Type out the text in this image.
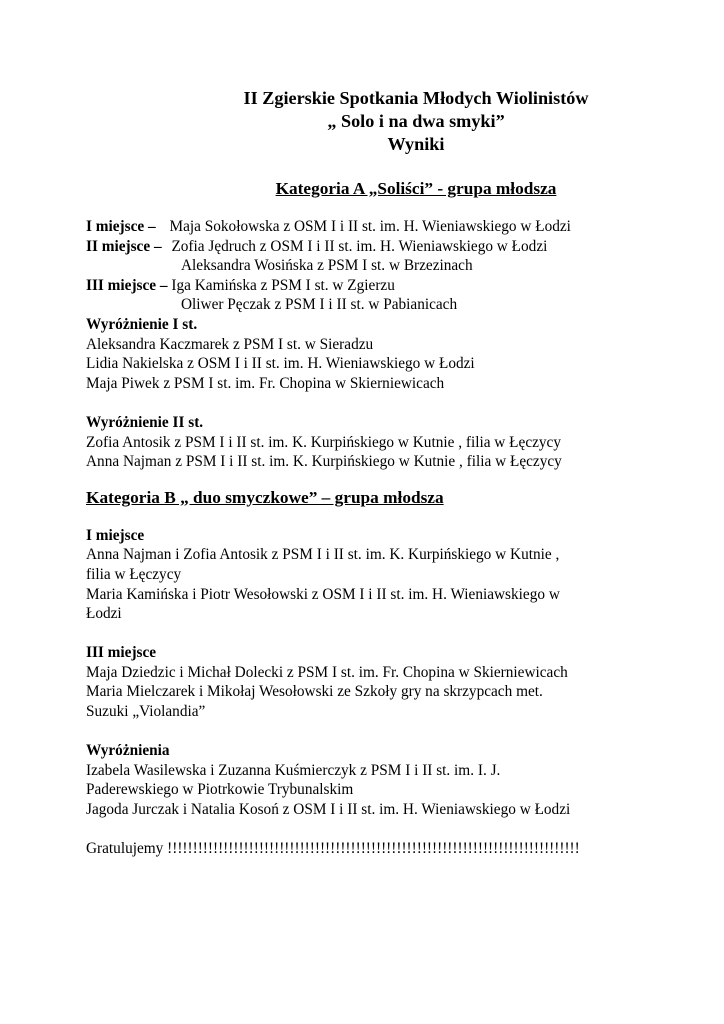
II Zgierskie Spotkania Młodych Wiolinistów
„ Solo i na dwa smyki”
Wyniki
Kategoria A „Soliści” - grupa młodsza
I miejsce – Maja Sokołowska z OSM I i II st. im. H. Wieniawskiego w Łodzi
II miejsce – Zofia Jędruch z OSM I i II st. im. H. Wieniawskiego w Łodzi
Aleksandra Wosińska z PSM I st. w Brzezinach
III miejsce – Iga Kamińska z PSM I st. w Zgierzu
Oliwer Pęczak z PSM I i II st. w Pabianicach
Wyróżnienie I st.
Aleksandra Kaczmarek z PSM I st. w Sieradzu
Lidia Nakielska z OSM I i II st. im. H. Wieniawskiego w Łodzi
Maja Piwek z PSM I st. im. Fr. Chopina w Skierniewicach
Wyróżnienie II st.
Zofia Antosik z PSM I i II st. im. K. Kurpińskiego w Kutnie , filia w Łęczycy
Anna Najman z PSM I i II st. im. K. Kurpińskiego w Kutnie , filia w Łęczycy
Kategoria B „ duo smyczkowe” – grupa młodsza
I miejsce
Anna Najman i Zofia Antosik z PSM I i II st. im. K. Kurpińskiego w Kutnie ,
filia w Łęczycy
Maria Kamińska i Piotr Wesołowski z OSM I i II st. im. H. Wieniawskiego w
Łodzi
III miejsce
Maja Dziedzic i Michał Dolecki z PSM I st. im. Fr. Chopina w Skierniewicach
Maria Mielczarek i Mikołaj Wesołowski ze Szkoły gry na skrzypcach met.
Suzuki „Violandia”
Wyróżnienia
Izabela Wasilewska i Zuzanna Kuśmierczyk z PSM I i II st. im. I. J.
Paderewskiego w Piotrkowie Trybunalskim
Jagoda Jurczak i Natalia Kosoń z OSM I i II st. im. H. Wieniawskiego w Łodzi
Gratulujemy !!!!!!!!!!!!!!!!!!!!!!!!!!!!!!!!!!!!!!!!!!!!!!!!!!!!!!!!!!!!!!!!!!!!!!!!!!!!!!!!!
